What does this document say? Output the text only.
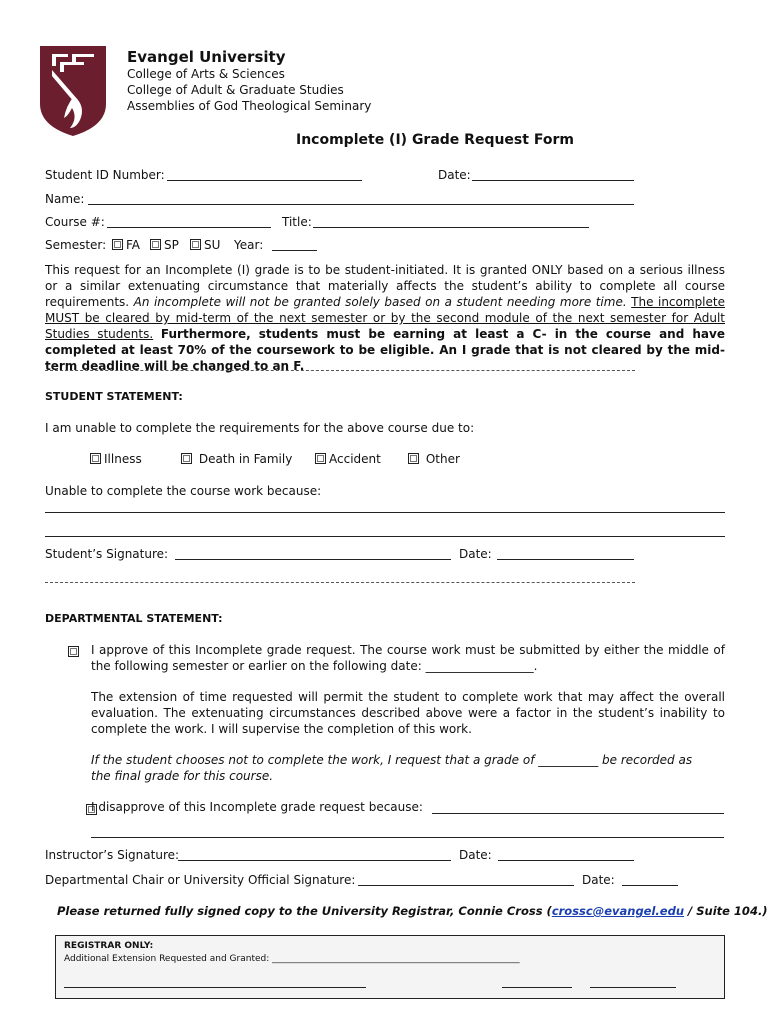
Evangel University
College of Arts & Sciences
College of Adult & Graduate Studies
Assemblies of God Theological Seminary
Incomplete (I) Grade Request Form
Student ID Number:	Date:
Name:
Course #:	Title:
Semester:	FA	SP	SU Year:
This request for an Incomplete (I) grade is to be student-initiated. It is granted ONLY based on a serious illness or a similar extenuating circumstance that materially affects the student’s ability to complete all course requirements. An incomplete will not be granted solely based on a student needing more time. The incomplete MUST be cleared by mid-term of the next semester or by the second module of the next semester for Adult Studies students. Furthermore, students must be earning at least a C- in the course and have completed at least 70% of the coursework to be eligible. An I grade that is not cleared by the mid-term deadline will be changed to an F.
STUDENT STATEMENT:
I am unable to complete the requirements for the above course due to:
Illness	Death in Family	Accident	Other
Unable to complete the course work because:
Student’s Signature:	Date:
DEPARTMENTAL STATEMENT:

I approve of this Incomplete grade request. The course work must be submitted by either the middle of the following semester or earlier on the following date: __________________.
The extension of time requested will permit the student to complete work that may affect the overall evaluation. The extenuating circumstances described above were a factor in the student’s inability to complete the work. I will supervise the completion of this work.
If the student chooses not to complete the work, I request that a grade of __________ be recorded as
the final grade for this course.
I disapprove of this Incomplete grade request because:
Instructor’s Signature:	Date:
Departmental Chair or University Official Signature:	Date:
Please returned fully signed copy to the University Registrar, Connie Cross (crossc@evangel.edu / Suite 104.)
REGISTRAR ONLY:
Additional Extension Requested and Granted: _______________________________________________________
